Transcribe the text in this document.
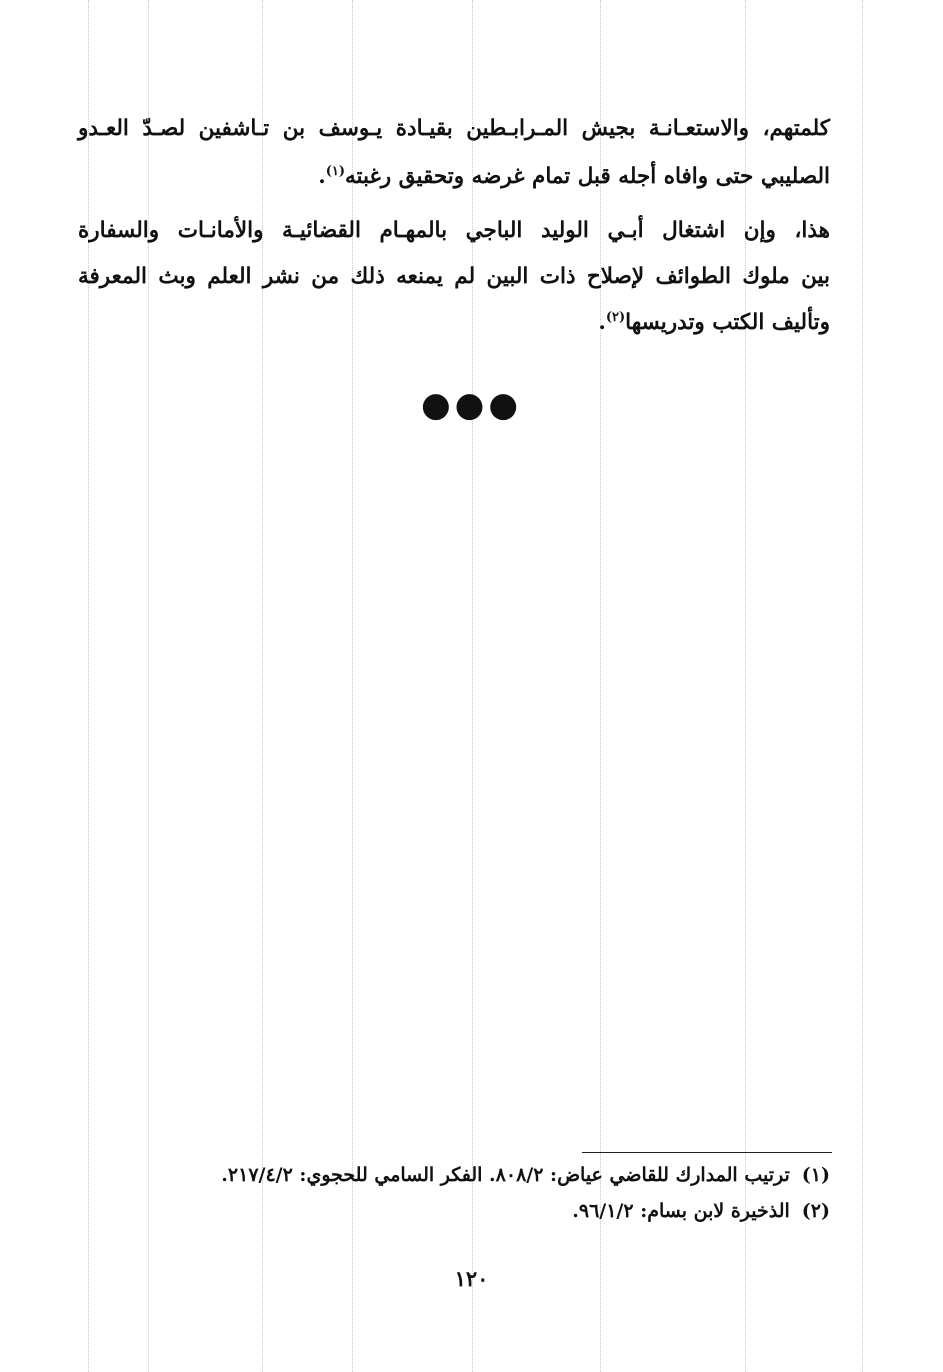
كلمتهم، والاستعـانـة بجيش المـرابـطين بقيـادة يـوسف بن تـاشفين لصـدّ العـدو
الصليبي حتى وافاه أجله قبل تمام غرضه وتحقيق رغبته$^{(١)}$.
هذا، وإن اشتغال أبـي الوليد الباجي بالمهـام القضائيـة والأمانـات والسفارة
بين ملوك الطوائف لإصلاح ذات البين لم يمنعه ذلك من نشر العلم وبث المعرفة
وتأليف الكتب وتدريسها$^{(٢)}$.
●●●
(١)ترتيب المدارك للقاضي عياض: ٨٠٨/٢. الفكر السامي للحجوي: ٢١٧/٤/٢.
(٢)الذخيرة لابن بسام: ٩٦/١/٢.
١٢٠
